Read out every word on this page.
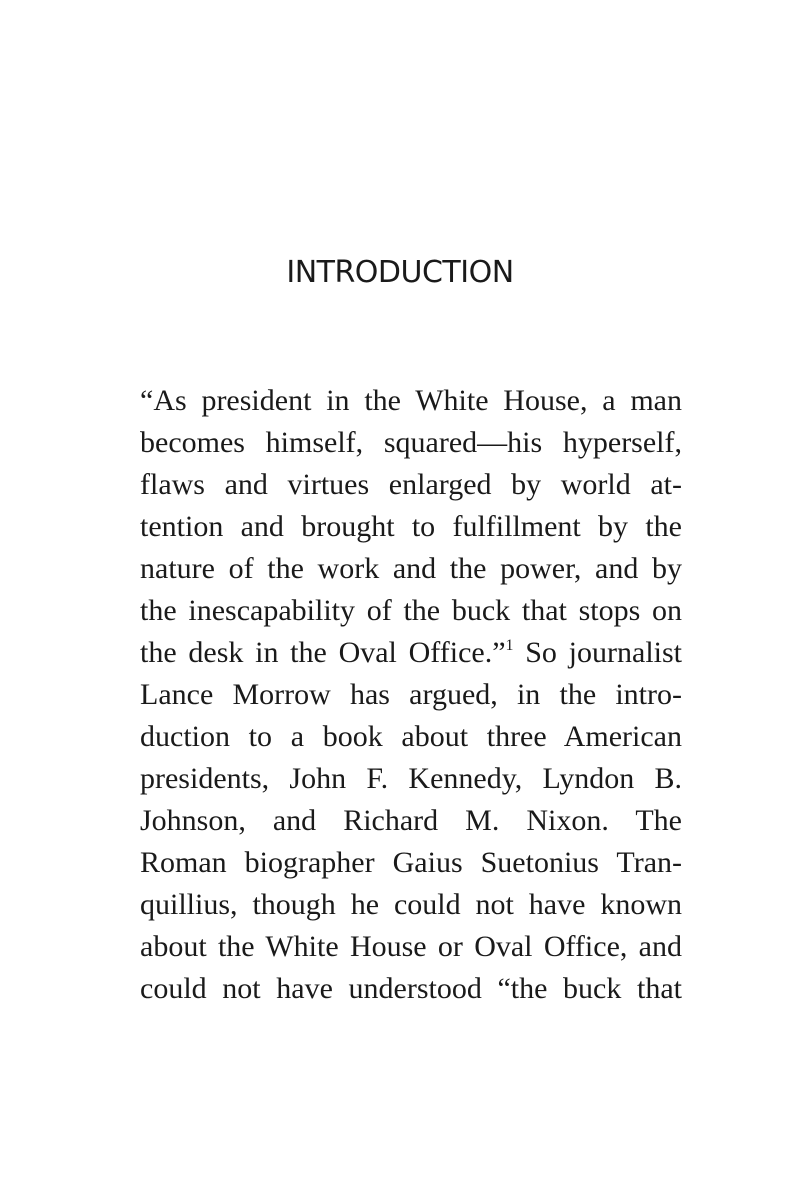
INTRODUCTION
“As president in the White House, a man
becomes himself, squared—his hyperself,
flaws and virtues enlarged by world at-
tention and brought to fulfillment by the
nature of the work and the power, and by
the inescapability of the buck that stops on
the desk in the Oval Office.”$^1$ So journalist
Lance Morrow has argued, in the intro-
duction to a book about three American
presidents, John F. Kennedy, Lyndon B.
Johnson, and Richard M. Nixon. The
Roman biographer Gaius Suetonius Tran-
quillius, though he could not have known
about the White House or Oval Office, and
could not have understood “the buck that
